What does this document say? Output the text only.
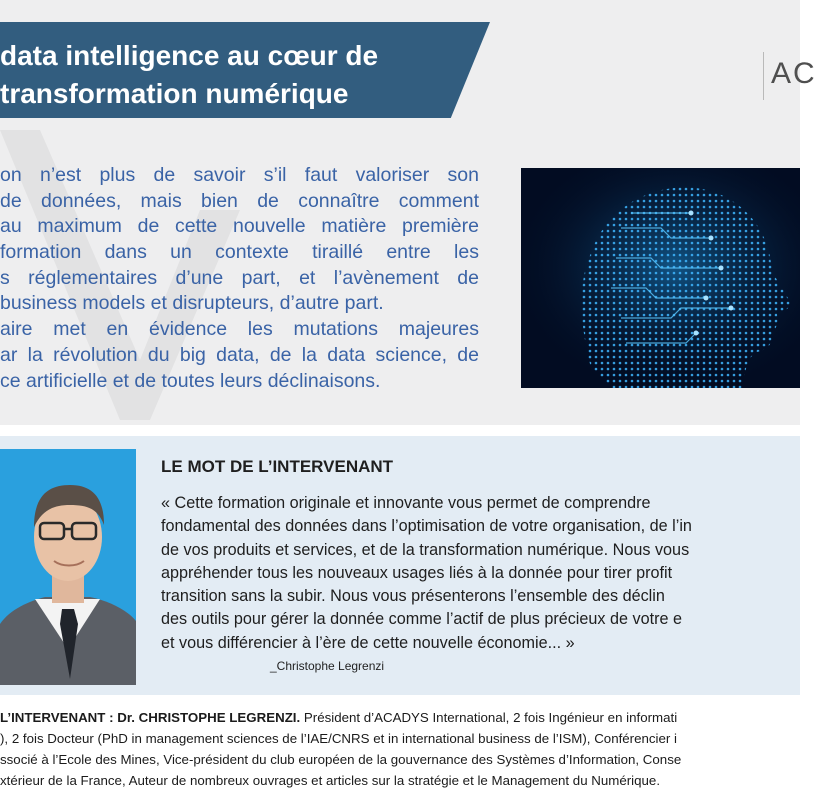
data intelligence au cœur de
transformation numérique
AC
on n’est plus de savoir s’il faut valoriser son
de données, mais bien de connaître comment
au maximum de cette nouvelle matière première
formation dans un contexte tiraillé entre les
s réglementaires d’une part, et l’avènement de
business models et disrupteurs, d’autre part.
aire met en évidence les mutations majeures
ar la révolution du big data, de la data science, de
ce artificielle et de toutes leurs déclinaisons.
LE MOT DE L’INTERVENANT
« Cette formation originale et innovante vous permet de comprendre
fondamental des données dans l’optimisation de votre organisation, de l’in
de vos produits et services, et de la transformation numérique. Nous vous
appréhender tous les nouveaux usages liés à la donnée pour tirer profit
transition sans la subir. Nous vous présenterons l’ensemble des déclin
des outils pour gérer la donnée comme l’actif de plus précieux de votre e
et vous différencier à l’ère de cette nouvelle économie... »
_Christophe Legrenzi
L’INTERVENANT : Dr. CHRISTOPHE LEGRENZI. Président d’ACADYS International, 2 fois Ingénieur en informati
), 2 fois Docteur (PhD in management sciences de l’IAE/CNRS et in international business de l’ISM), Conférencier i
ssocié à l’Ecole des Mines, Vice-président du club européen de la gouvernance des Systèmes d’Information, Conse
xtérieur de la France, Auteur de nombreux ouvrages et articles sur la stratégie et le Management du Numérique.
